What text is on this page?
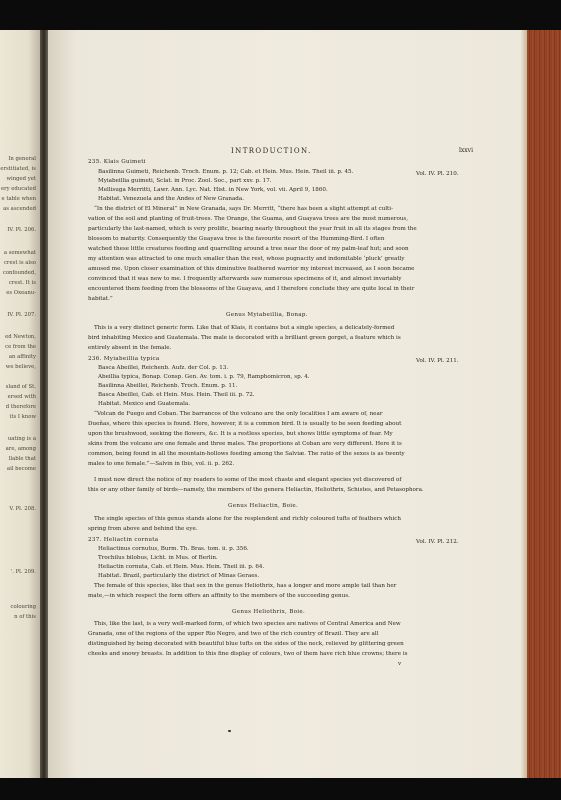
In general
erstitiated, is
winged yet
ery educated
e table when
as ascended
IV. Pl. 206.
a somewhat
crest is also
confounded,
crest. It is
es Oxeanu-
IV. Pl. 207.
ed Newton,
ce from the
an affinity
we believe,
sland of St.
ersed with
d therefore
its I know
uating is a
are, among
llable that
ail become
V. Pl. 208.
'. Pl. 209.
colouring
n of this
INTRODUCTION.	lxxvi
235. Klais Guimeti
Vol. IV. Pl. 210.
Basilinna Guimeti, Reichenb. Troch. Enum. p. 12; Cab. et Hein. Mus. Hein. Theil iii. p. 45.
Myiabeillia guimeti, Sclat. in Proc. Zool. Soc., part xxv. p. 17.
Mellisuga Merritti, Lawr. Ann. Lyc. Nat. Hist. in New York, vol. vii. April 9, 1860.
Habitat. Venezuela and the Andes of New Granada.
“In the district of El Mineral” in New Granada, says Dr. Merritt, “there has been a slight attempt at culti-
vation of the soil and planting of fruit-trees. The Orange, the Guama, and Guayava trees are the most numerous,
particularly the last-named, which is very prolific, bearing nearly throughout the year fruit in all its stages from the
blossom to maturity. Consequently the Guayava tree is the favourite resort of the Humming-Bird. I often
watched these little creatures feeding and quarrelling around a tree near the door of my palm-leaf hut; and soon
my attention was attracted to one much smaller than the rest, whose pugnacity and indomitable ‘pluck’ greatly
amused me. Upon closer examination of this diminutive feathered warrior my interest increased, as I soon became
convinced that it was new to me. I frequently afterwards saw numerous specimens of it, and almost invariably
encountered them feeding from the blossoms of the Guayava, and I therefore conclude they are quite local in their
habitat.”
Genus Myiabeillia, Bonap.
This is a very distinct generic form. Like that of Klais, it contains but a single species, a delicately-formed
bird inhabiting Mexico and Guatemala. The male is decorated with a brilliant green gorget, a feature which is
entirely absent in the female.
236. Myiabeillia typica	Vol. IV. Pl. 211.
Basca Abeillei, Reichenb. Aufz. der Col. p. 13.
Abeillia typica, Bonap. Consp. Gen. Av. tom. i. p. 79, Ramphomicron, sp. 4.
Basilinna Abeillei, Reichenb. Troch. Enum. p. 11.
Basca Abeillei, Cab. et Hein. Mus. Hein. Theil iii. p. 72.
Habitat. Mexico and Guatemala.
“Volcan de Fuego and Coban. The barrancos of the volcano are the only localities I am aware of, near
Dueñas, where this species is found. Here, however, it is a common bird. It is usually to be seen feeding about
upon the brushwood, seeking the flowers, &c. It is a restless species, but shows little symptoms of fear. My
skins from the volcano are one female and three males. The proportions at Coban are very different. Here it is
common, being found in all the mountain-hollows feeding among the Salviæ. The ratio of the sexes is as twenty
males to one female.”—Salvin in Ibis, vol. ii. p. 262.
I must now direct the notice of my readers to some of the most chaste and elegant species yet discovered of
this or any other family of birds—namely, the members of the genera Heliactin, Heliothrix, Schistes, and Petasophora.
Genus Heliactin, Boie.
The single species of this genus stands alone for the resplendent and richly coloured tufts of feathers which
spring from above and behind the eye.
237. Heliactin cornuta	Vol. IV. Pl. 212.
Heliactinus cornutus, Burm. Th. Bras. tom. ii. p. 356.
Trochilus bilobus, Licht. in Mus. of Berlin.
Heliactin cornuta, Cab. et Hein. Mus. Hein. Theil iii. p. 64.
Habitat. Brazil, particularly the district of Minas Geraes.
The female of this species, like that sex in the genus Heliothrix, has a longer and more ample tail than her
mate,—in which respect the form offers an affinity to the members of the succeeding genus.
Genus Heliothrix, Boie.
This, like the last, is a very well-marked form, of which two species are natives of Central America and New
Granada, one of the regions of the upper Rio Negro, and two of the rich country of Brazil. They are all
distinguished by being decorated with beautiful blue tufts on the sides of the neck, relieved by glittering green
cheeks and snowy breasts. In addition to this fine display of colours, two of them have rich blue crowns; there is
v
